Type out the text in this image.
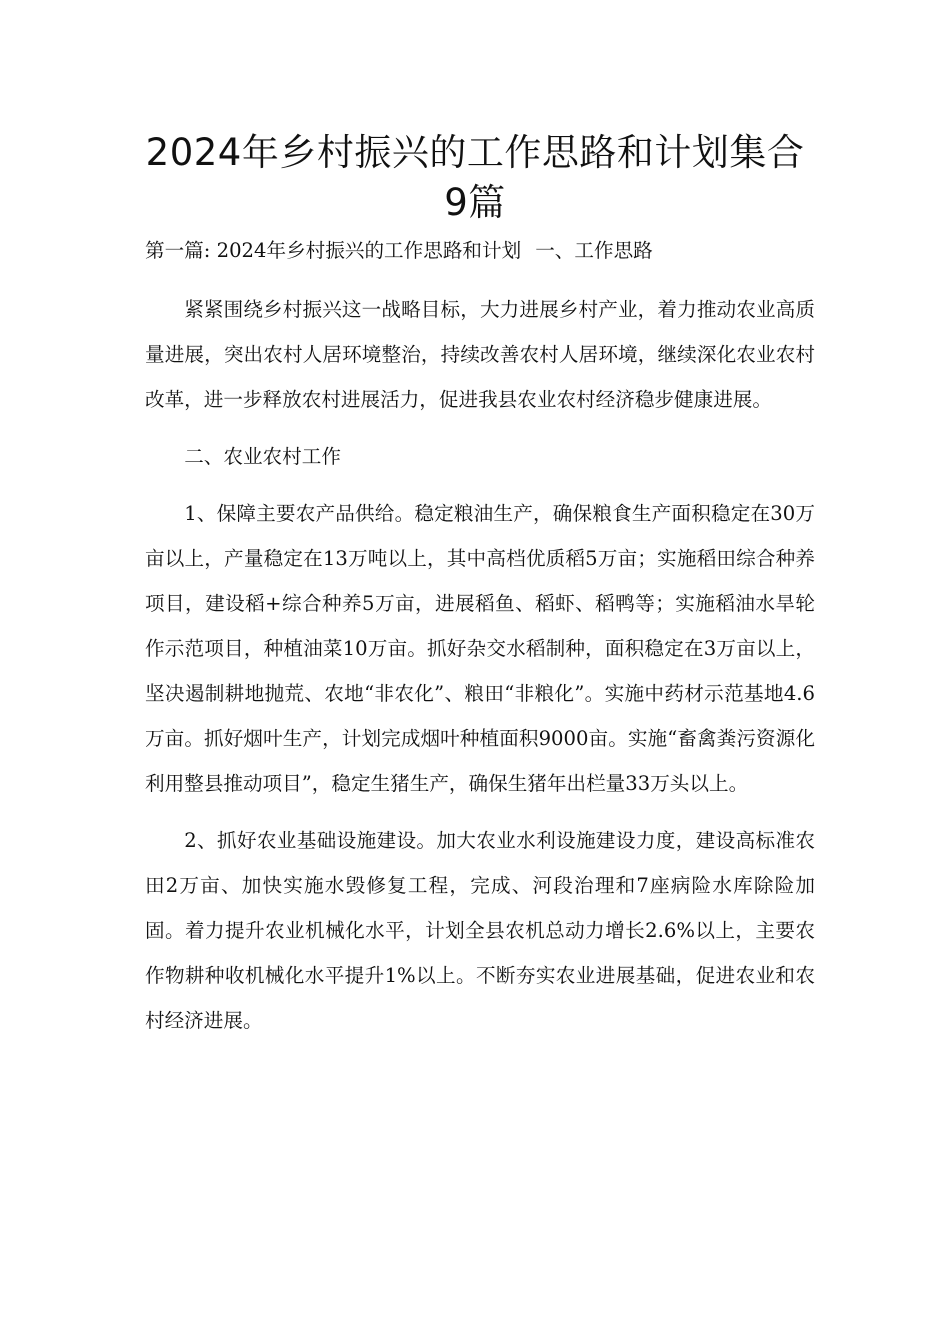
2024年乡村振兴的工作思路和计划集合
9篇
第一篇: 2024年乡村振兴的工作思路和计划 一、工作思路

紧紧围绕乡村振兴这一战略目标，大力进展乡村产业，着力推动农业高质量进展，突出农村人居环境整治，持续改善农村人居环境，继续深化农业农村改革，进一步释放农村进展活力，促进我县农业农村经济稳步健康进展。

二、农业农村工作

1、保障主要农产品供给。稳定粮油生产，确保粮食生产面积稳定在30万亩以上，产量稳定在13万吨以上，其中高档优质稻5万亩；实施稻田综合种养项目，建设稻+综合种养5万亩，进展稻鱼、稻虾、稻鸭等；实施稻油水旱轮作示范项目，种植油菜10万亩。抓好杂交水稻制种，面积稳定在3万亩以上，坚决遏制耕地抛荒、农地“非农化”、粮田“非粮化”。实施中药材示范基地4.6万亩。抓好烟叶生产，计划完成烟叶种植面积9000亩。实施“畜禽粪污资源化利用整县推动项目”，稳定生猪生产，确保生猪年出栏量33万头以上。

2、抓好农业基础设施建设。加大农业水利设施建设力度，建设高标准农田2万亩、加快实施水毁修复工程，完成、河段治理和7座病险水库除险加固。着力提升农业机械化水平，计划全县农机总动力增长2.6%以上，主要农作物耕种收机械化水平提升1%以上。不断夯实农业进展基础，促进农业和农村经济进展。
